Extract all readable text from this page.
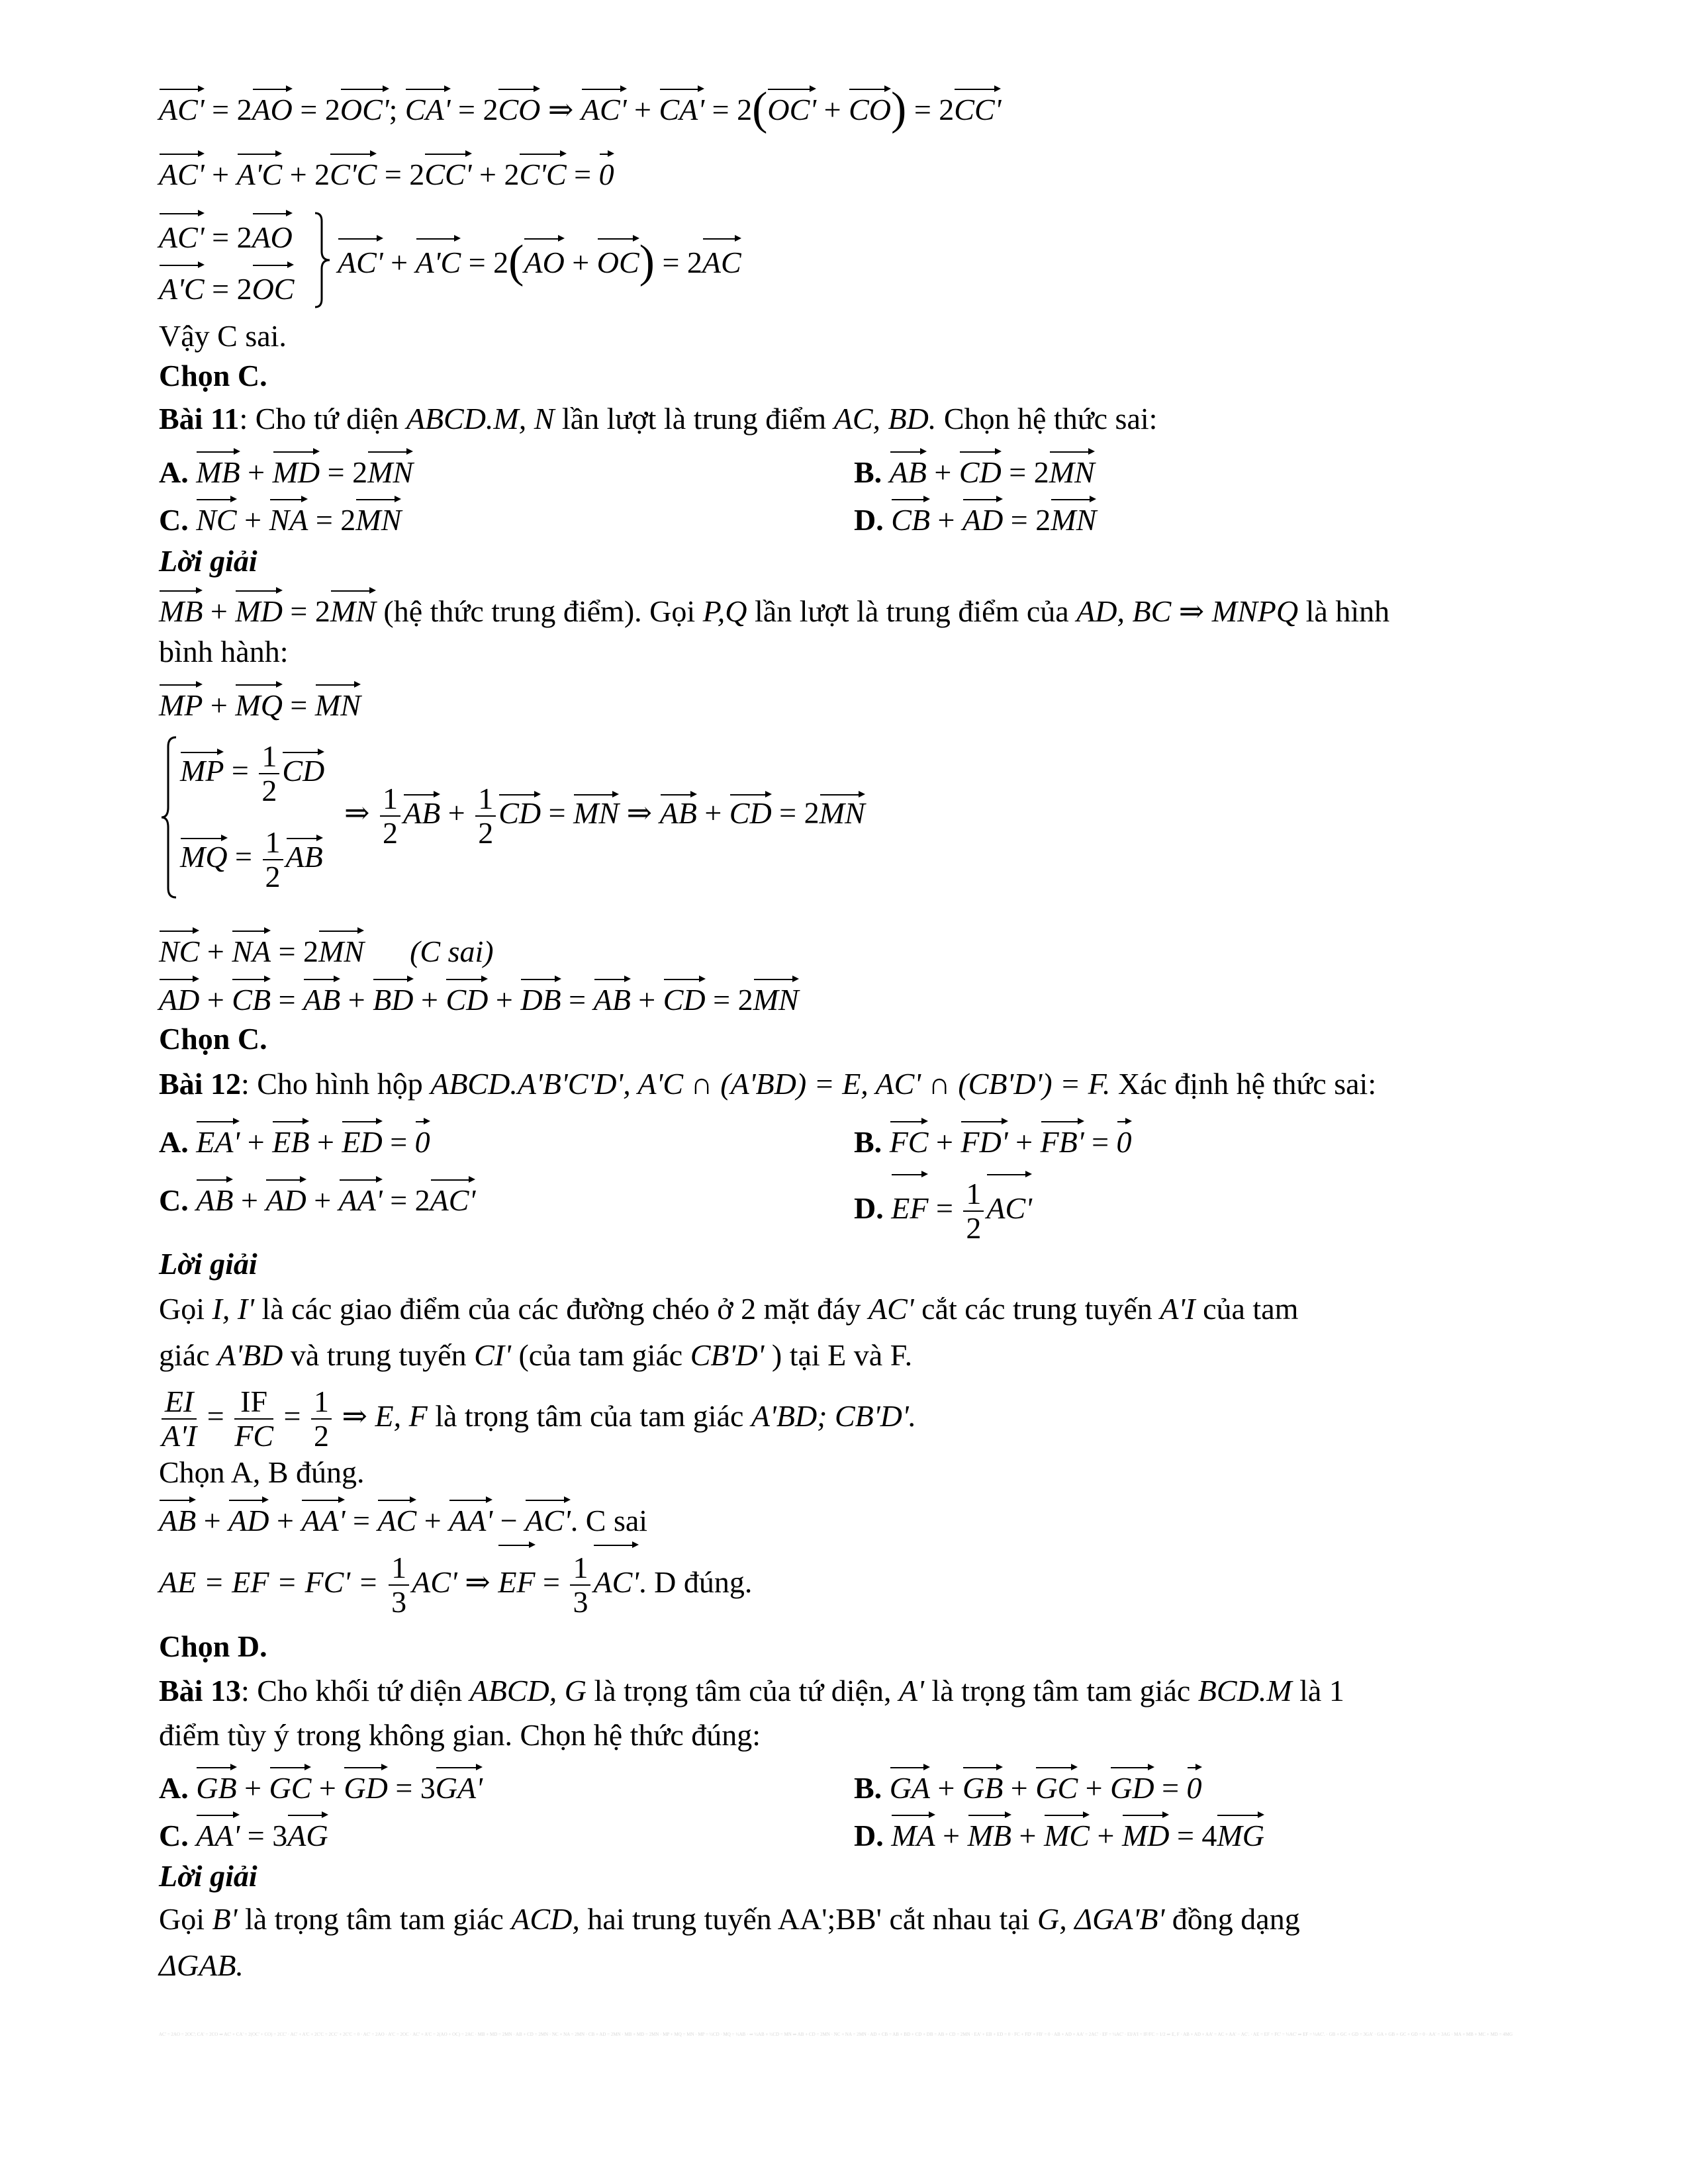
AC' = 2AO = 2OC'; CA' = 2CO ⇒ AC' + CA' = 2(OC' + CO) = 2CC'
AC' + A'C + 2C'C = 2CC' + 2C'C = 0
AC' = 2AO
A'C = 2OC
AC' + A'C = 2(AO + OC) = 2AC
Vậy C sai.
Chọn C.
Bài 11: Cho tứ diện ABCD.M, N lần lượt là trung điểm AC, BD. Chọn hệ thức sai:
A. MB + MD = 2MN	B. AB + CD = 2MN
C. NC + NA = 2MN	D. CB + AD = 2MN
Lời giải
MB + MD = 2MN (hệ thức trung điểm). Gọi P,Q lần lượt là trung điểm của AD, BC ⇒ MNPQ là hình
bình hành:
MP + MQ = MN
MP = $\frac{1}{2}$ CD
MQ = $\frac{1}{2}$ AB
⇒ $\frac{1}{2}$ AB + $\frac{1}{2}$ CD = MN ⇒ AB + CD = 2MN
NC + NA = 2MN (C sai)
AD + CB = AB + BD + CD + DB = AB + CD = 2MN
Chọn C.
Bài 12: Cho hình hộp ABCD.A'B'C'D', A'C ∩ (A'BD) = E, AC' ∩ (CB'D') = F. Xác định hệ thức sai:
A. EA' + EB + ED = 0	B. FC + FD' + FB' = 0
C. AB + AD + AA' = 2AC'	D. EF = $\frac{1}{2} AC'$
Lời giải
Gọi I, I' là các giao điểm của các đường chéo ở 2 mặt đáy AC' cắt các trung tuyến A'I của tam
giác A'BD và trung tuyến CI' (của tam giác CB'D' ) tại E và F.
$\frac{EI}{A'I} = \frac{IF}{FC} = \frac{1}{2}$ ⇒ E, F là trọng tâm của tam giác A'BD; CB'D'.
Chọn A, B đúng.
AB + AD + AA' = AC + AA' − AC'. C sai
AE = EF = $FC' = \frac{1}{3} AC'$ ⇒ EF = $\frac{1}{3} AC'$. D đúng.
Chọn D.
Bài 13: Cho khối tứ diện ABCD, G là trọng tâm của tứ diện, A' là trọng tâm tam giác BCD.M là 1
điểm tùy ý trong không gian. Chọn hệ thức đúng:
A. GB + GC + GD = 3GA'	B. GA + GB + GC + GD = 0
C. AA' = 3AG	D. MA + MB + MC + MD = 4MG
Lời giải
Gọi B' là trọng tâm tam giác ACD, hai trung tuyến AA';BB' cắt nhau tại G, ΔGA'B' đồng dạng
ΔGAB.
AC' = 2AO = 2OC'; CA' = 2CO ⇒ AC' + CA' = 2(OC' + CO) = 2CC' · AC' + A'C + 2C'C = 2CC' + 2C'C = 0 · AC' = 2AO · A'C = 2OC · AC' + A'C = 2(AO + OC) = 2AC · MB + MD = 2MN · AB + CD = 2MN · NC + NA = 2MN · CB + AD = 2MN · MB + MD = 2MN · MP + MQ = MN · MP = ½CD · MQ = ½AB · ⇒ ½AB + ½CD = MN ⇒ AB + CD = 2MN · NC + NA = 2MN · AD + CB = AB + BD + CD + DB = AB + CD = 2MN · EA' + EB + ED = 0 · FC + FD' + FB' = 0 · AB + AD + AA' = 2AC' · EF = ½AC' · EI/A'I = IF/FC = 1/2 ⇒ E, F · AB + AD + AA' = AC + AA' − AC'. · AE = EF = FC' = ⅓AC' ⇒ EF = ⅓AC'. · GB + GC + GD = 3GA' · GA + GB + GC + GD = 0 · AA' = 3AG · MA + MB + MC + MD = 4MG
